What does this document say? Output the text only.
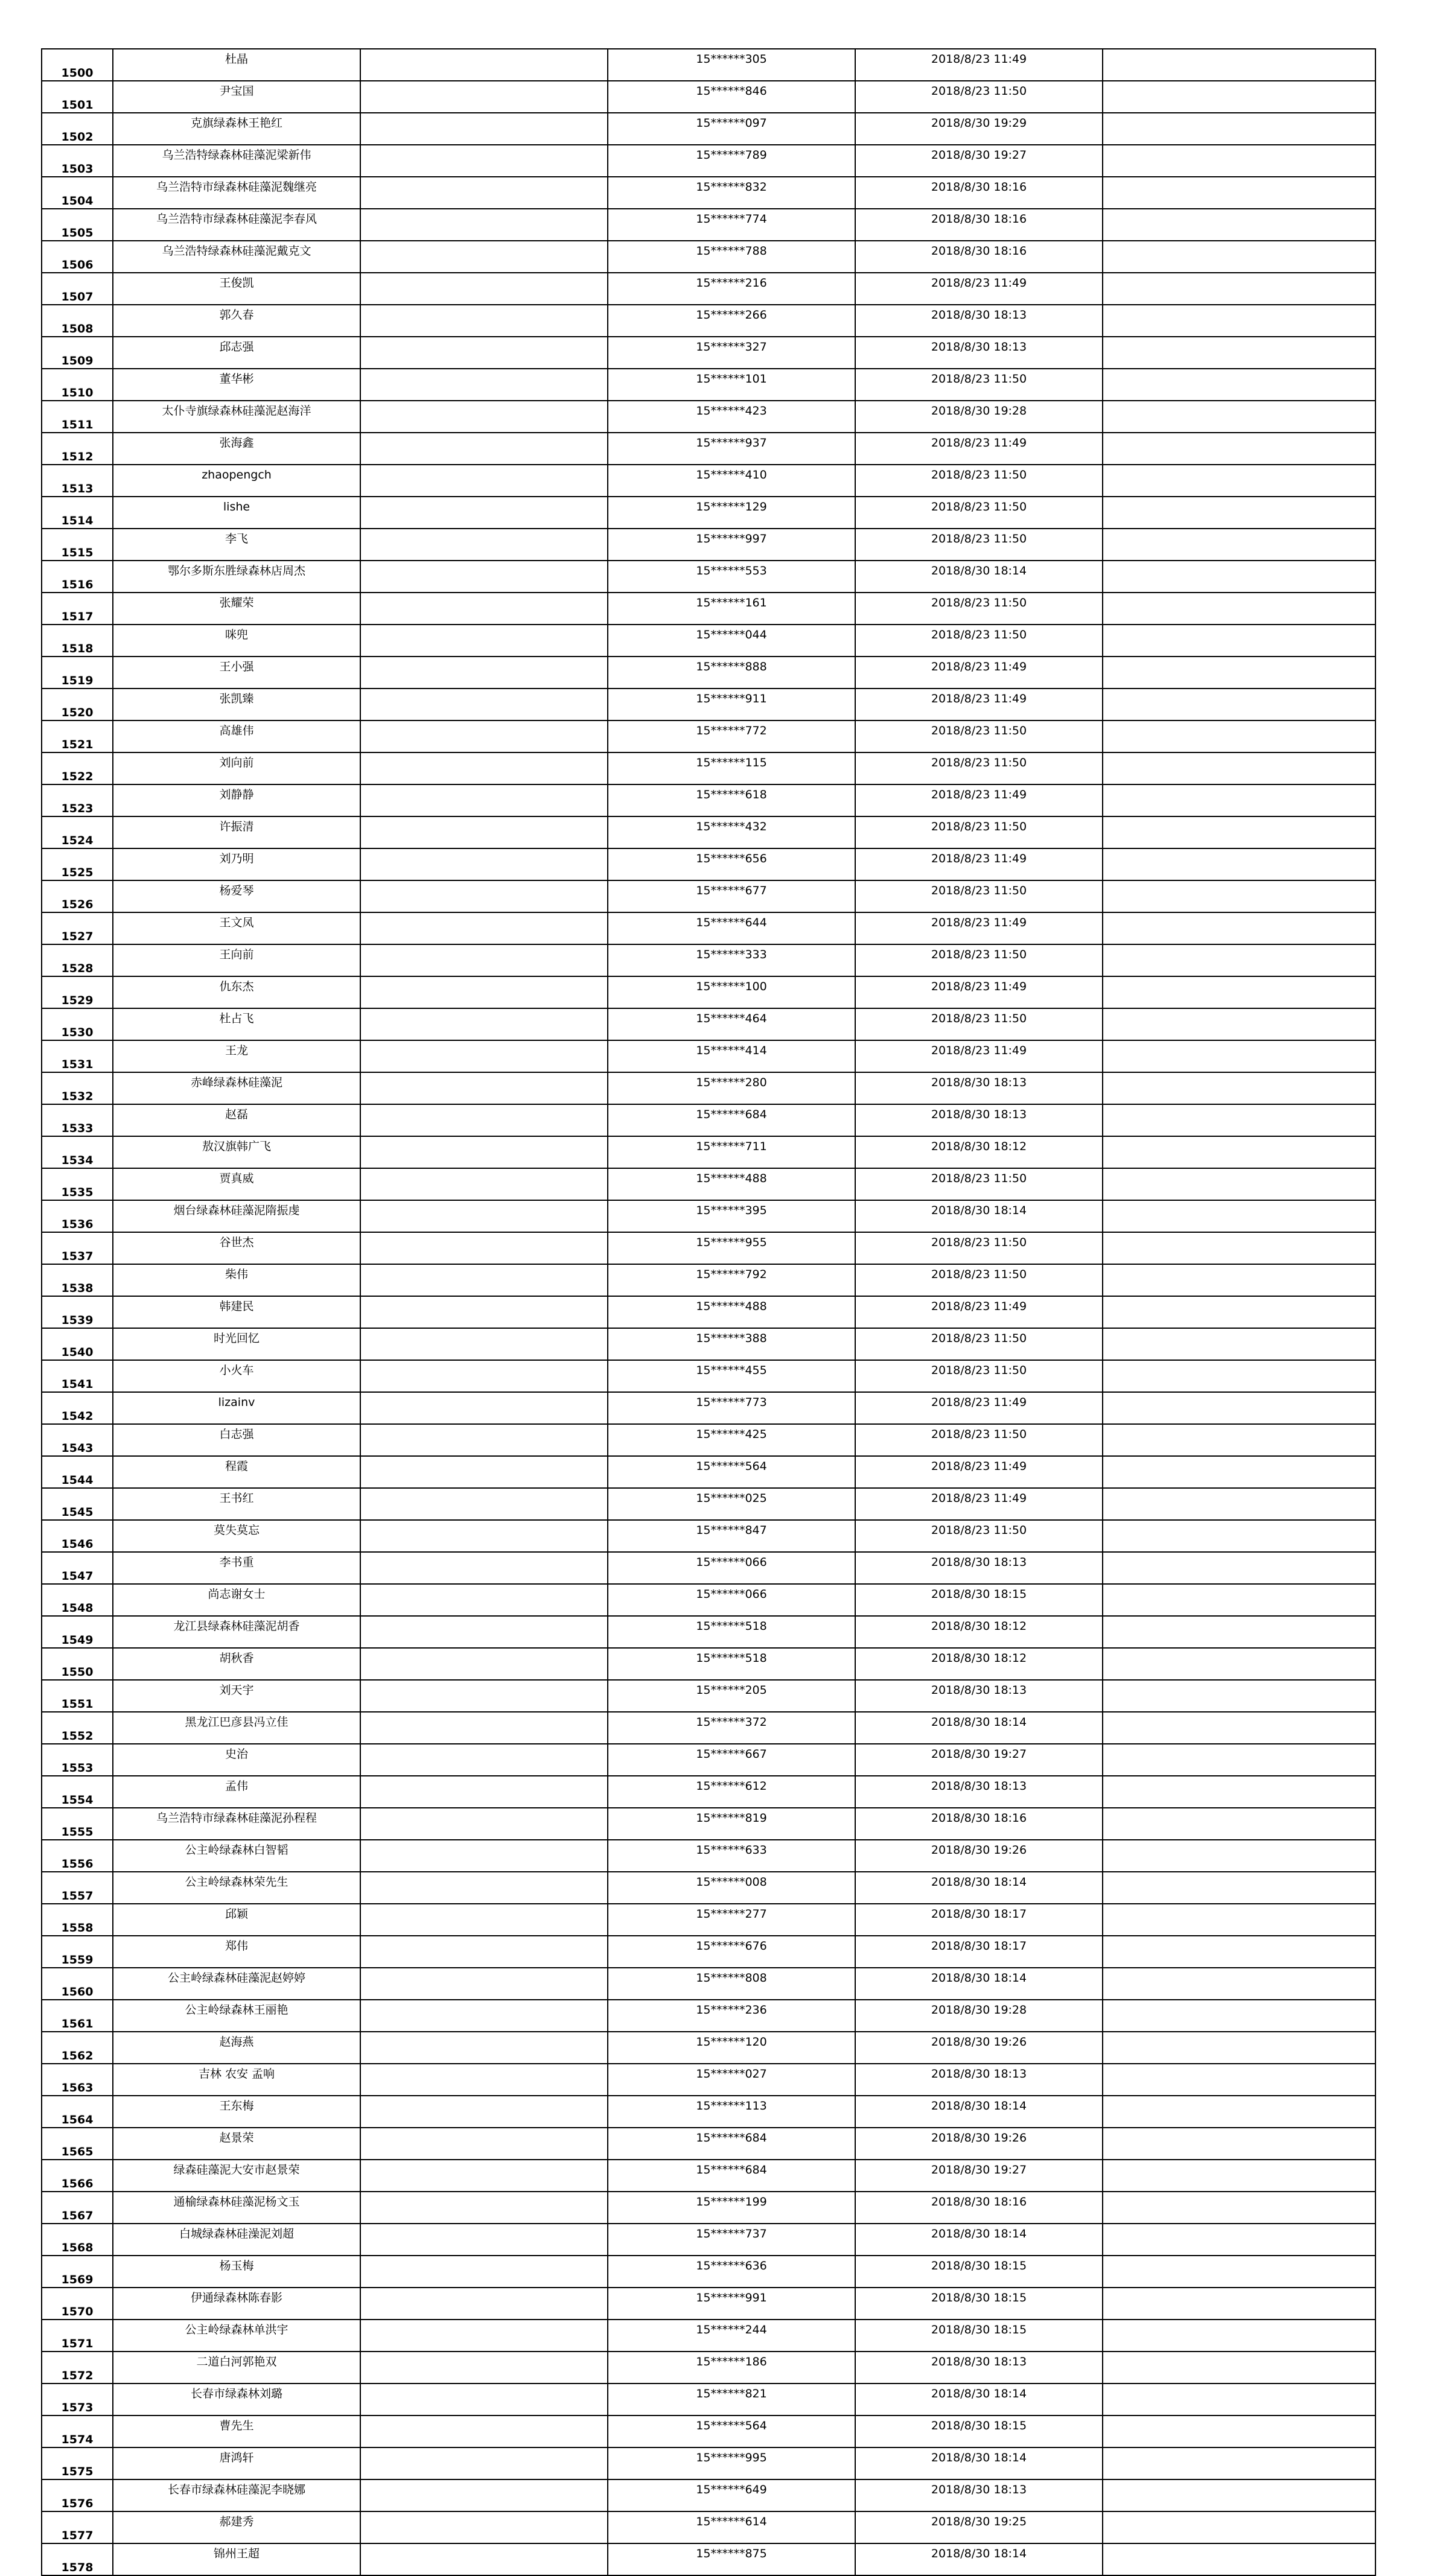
1500	杜晶		15******305	2018/8/23 11:49	
1501	尹宝国		15******846	2018/8/23 11:50	
1502	克旗绿森林王艳红		15******097	2018/8/30 19:29	
1503	乌兰浩特绿森林硅藻泥梁新伟		15******789	2018/8/30 19:27	
1504	乌兰浩特市绿森林硅藻泥魏继亮		15******832	2018/8/30 18:16	
1505	乌兰浩特市绿森林硅藻泥李春风		15******774	2018/8/30 18:16	
1506	乌兰浩特绿森林硅藻泥戴克文		15******788	2018/8/30 18:16	
1507	王俊凯		15******216	2018/8/23 11:49	
1508	郭久春		15******266	2018/8/30 18:13	
1509	邱志强		15******327	2018/8/30 18:13	
1510	董华彬		15******101	2018/8/23 11:50	
1511	太仆寺旗绿森林硅藻泥赵海洋		15******423	2018/8/30 19:28	
1512	张海鑫		15******937	2018/8/23 11:49	
1513	zhaopengch		15******410	2018/8/23 11:50	
1514	lishe		15******129	2018/8/23 11:50	
1515	李飞		15******997	2018/8/23 11:50	
1516	鄂尔多斯东胜绿森林店周杰		15******553	2018/8/30 18:14	
1517	张耀荣		15******161	2018/8/23 11:50	
1518	咪兜		15******044	2018/8/23 11:50	
1519	王小强		15******888	2018/8/23 11:49	
1520	张凯臻		15******911	2018/8/23 11:49	
1521	高雄伟		15******772	2018/8/23 11:50	
1522	刘向前		15******115	2018/8/23 11:50	
1523	刘静静		15******618	2018/8/23 11:49	
1524	许振清		15******432	2018/8/23 11:50	
1525	刘乃明		15******656	2018/8/23 11:49	
1526	杨爱琴		15******677	2018/8/23 11:50	
1527	王文凤		15******644	2018/8/23 11:49	
1528	王向前		15******333	2018/8/23 11:50	
1529	仇东杰		15******100	2018/8/23 11:49	
1530	杜占飞		15******464	2018/8/23 11:50	
1531	王龙		15******414	2018/8/23 11:49	
1532	赤峰绿森林硅藻泥		15******280	2018/8/30 18:13	
1533	赵磊		15******684	2018/8/30 18:13	
1534	敖汉旗韩广飞		15******711	2018/8/30 18:12	
1535	贾真威		15******488	2018/8/23 11:50	
1536	烟台绿森林硅藻泥隋振虔		15******395	2018/8/30 18:14	
1537	谷世杰		15******955	2018/8/23 11:50	
1538	柴伟		15******792	2018/8/23 11:50	
1539	韩建民		15******488	2018/8/23 11:49	
1540	时光回忆		15******388	2018/8/23 11:50	
1541	小火车		15******455	2018/8/23 11:50	
1542	lizainv		15******773	2018/8/23 11:49	
1543	白志强		15******425	2018/8/23 11:50	
1544	程霞		15******564	2018/8/23 11:49	
1545	王书红		15******025	2018/8/23 11:49	
1546	莫失莫忘		15******847	2018/8/23 11:50	
1547	李书重		15******066	2018/8/30 18:13	
1548	尚志谢女士		15******066	2018/8/30 18:15	
1549	龙江县绿森林硅藻泥胡香		15******518	2018/8/30 18:12	
1550	胡秋香		15******518	2018/8/30 18:12	
1551	刘天宇		15******205	2018/8/30 18:13	
1552	黑龙江巴彦县冯立佳		15******372	2018/8/30 18:14	
1553	史治		15******667	2018/8/30 19:27	
1554	孟伟		15******612	2018/8/30 18:13	
1555	乌兰浩特市绿森林硅藻泥孙程程		15******819	2018/8/30 18:16	
1556	公主岭绿森林白智韬		15******633	2018/8/30 19:26	
1557	公主岭绿森林荣先生		15******008	2018/8/30 18:14	
1558	邱颖		15******277	2018/8/30 18:17	
1559	郑伟		15******676	2018/8/30 18:17	
1560	公主岭绿森林硅藻泥赵婷婷		15******808	2018/8/30 18:14	
1561	公主岭绿森林王丽艳		15******236	2018/8/30 19:28	
1562	赵海燕		15******120	2018/8/30 19:26	
1563	吉林 农安 孟响		15******027	2018/8/30 18:13	
1564	王东梅		15******113	2018/8/30 18:14	
1565	赵景荣		15******684	2018/8/30 19:26	
1566	绿森硅藻泥大安市赵景荣		15******684	2018/8/30 19:27	
1567	通榆绿森林硅藻泥杨文玉		15******199	2018/8/30 18:16	
1568	白城绿森林硅澡泥刘超		15******737	2018/8/30 18:14	
1569	杨玉梅		15******636	2018/8/30 18:15	
1570	伊通绿森林陈春影		15******991	2018/8/30 18:15	
1571	公主岭绿森林单洪宇		15******244	2018/8/30 18:15	
1572	二道白河郭艳双		15******186	2018/8/30 18:13	
1573	长春市绿森林刘璐		15******821	2018/8/30 18:14	
1574	曹先生		15******564	2018/8/30 18:15	
1575	唐鸿轩		15******995	2018/8/30 18:14	
1576	长春市绿森林硅藻泥李晓娜		15******649	2018/8/30 18:13	
1577	郝建秀		15******614	2018/8/30 19:25	
1578	锦州王超		15******875	2018/8/30 18:14	
